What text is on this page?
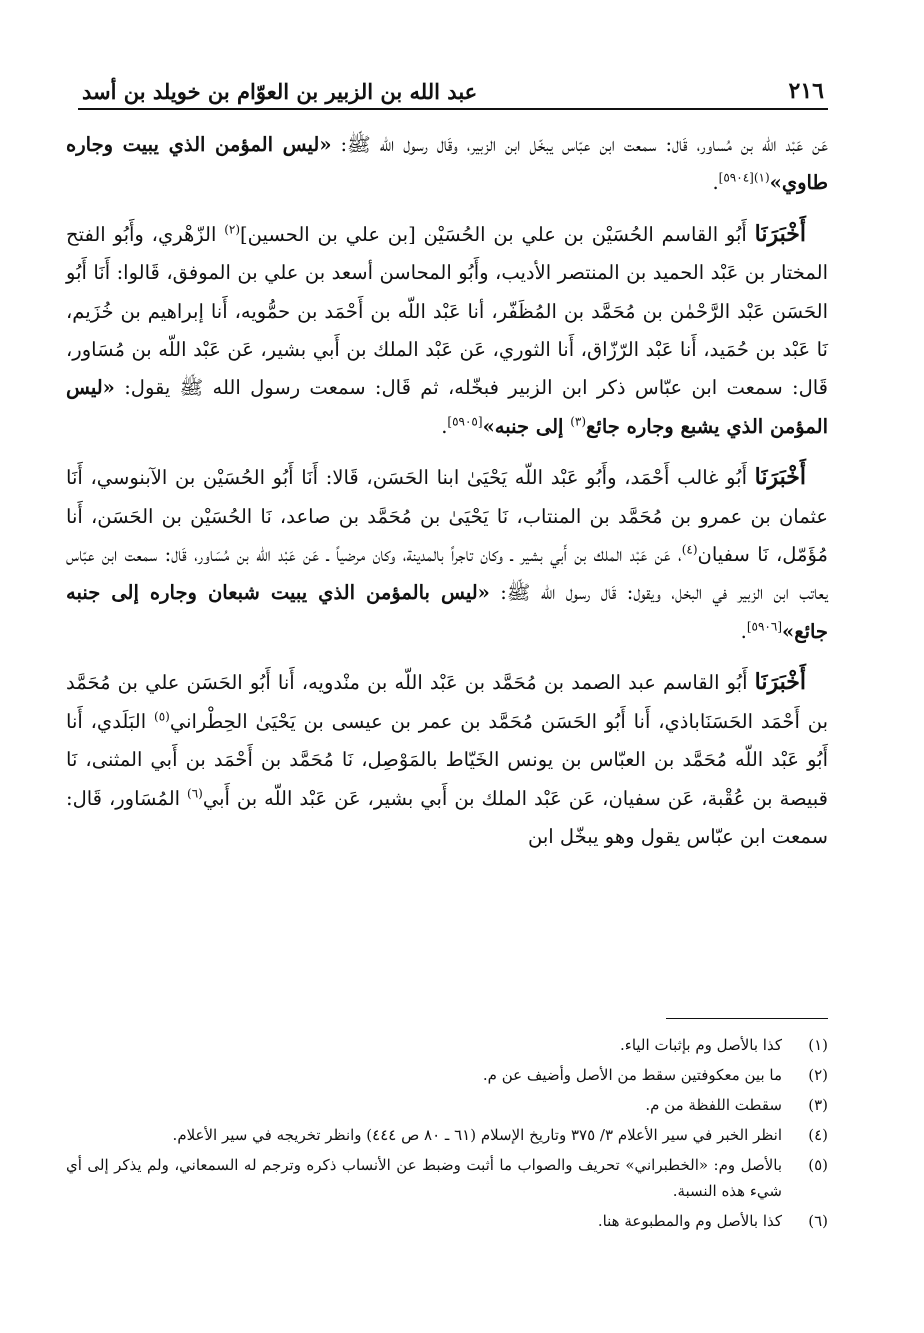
٢١٦
عبد الله بن الزبير بن العوّام بن خويلد بن أسد

عَن عَبْد اللّه بن مُساور، قَال: سمعت ابن عبّاس يبخّل ابن الزبير، وقَال رسول الله ﷺ: «ليس المؤمن الذي يبيت وجاره طاوي»$^{(١)[٥٩٠٤]}$.

أَخْبَرَنَا أَبُو القاسم الحُسَيْن بن علي بن الحُسَيْن [بن علي بن الحسين]$^{(٢)}$ الزّهْري، وأَبُو الفتح المختار بن عَبْد الحميد بن المنتصر الأديب، وأَبُو المحاسن أسعد بن علي بن الموفق، قَالوا: أَنَا أَبُو الحَسَن عَبْد الرَّحْمٰن بن مُحَمَّد بن المُظَفّر، أنا عَبْد اللّه بن أَحْمَد بن حمُّويه، أَنا إبراهيم بن خُزَيم، نَا عَبْد بن حُمَيد، أَنا عَبْد الرّزّاق، أَنا الثوري، عَن عَبْد الملك بن أَبي بشير، عَن عَبْد اللّه بن مُسَاور، قَال: سمعت ابن عبّاس ذكر ابن الزبير فبخّله، ثم قَال: سمعت رسول الله ﷺ يقول: «ليس المؤمن الذي يشبع وجاره جائع$^{(٣)}$ إلى جنبه»[٥٩٠٥].

أَخْبَرَنَا أَبُو غالب أَحْمَد، وأَبُو عَبْد اللّه يَحْيَىٰ ابنا الحَسَن، قَالا: أَنَا أَبُو الحُسَيْن بن الآبنوسي، أَنَا عثمان بن عمرو بن مُحَمَّد بن المنتاب، نَا يَحْيَىٰ بن مُحَمَّد بن صاعد، نَا الحُسَيْن بن الحَسَن، أَنا مُؤَمّل، نَا سفيان$^{(٤)}$، عَن عَبْد الملك بن أَبي بشير ـ وكان تاجراً بالمدينة، وكان مرضياً ـ عَن عَبْد اللّه بن مُسَاور، قَال: سمعت ابن عبّاس يعاتب ابن الزبير في البخل، ويقول: قَال رسول الله ﷺ: «ليس بالمؤمن الذي يبيت شبعان وجاره إلى جنبه جائع»[٥٩٠٦].

أَخْبَرَنَا أَبُو القاسم عبد الصمد بن مُحَمَّد بن عَبْد اللّه بن منْدويه، أَنا أَبُو الحَسَن علي بن مُحَمَّد بن أَحْمَد الحَسَنَاباذي، أَنا أَبُو الحَسَن مُحَمَّد بن عمر بن عيسى بن يَحْيَىٰ الحِطْراني$^{(٥)}$ البَلَدي، أَنا أَبُو عَبْد اللّه مُحَمَّد بن العبّاس بن يونس الخَيّاط بالمَوْصِل، نَا مُحَمَّد بن أَحْمَد بن أَبي المثنى، نَا قبيصة بن عُقْبة، عَن سفيان، عَن عَبْد الملك بن أَبي بشير، عَن عَبْد اللّه بن أَبي$^{(٦)}$ المُسَاور، قَال: سمعت ابن عبّاس يقول وهو يبخّل ابن

(١)
كذا بالأصل وم بإثبات الياء.
(٢)
ما بين معكوفتين سقط من الأصل وأضيف عن م.
(٣)
سقطت اللفظة من م.
(٤)
انظر الخبر في سير الأعلام ٣/ ٣٧٥ وتاريخ الإسلام (٦١ ـ ٨٠ ص ٤٤٤) وانظر تخريجه في سير الأعلام.
(٥)
بالأصل وم: «الخطبراني» تحريف والصواب ما أثبت وضبط عن الأنساب ذكره وترجم له السمعاني، ولم يذكر إلى أي شيء هذه النسبة.
(٦)
كذا بالأصل وم والمطبوعة هنا.
